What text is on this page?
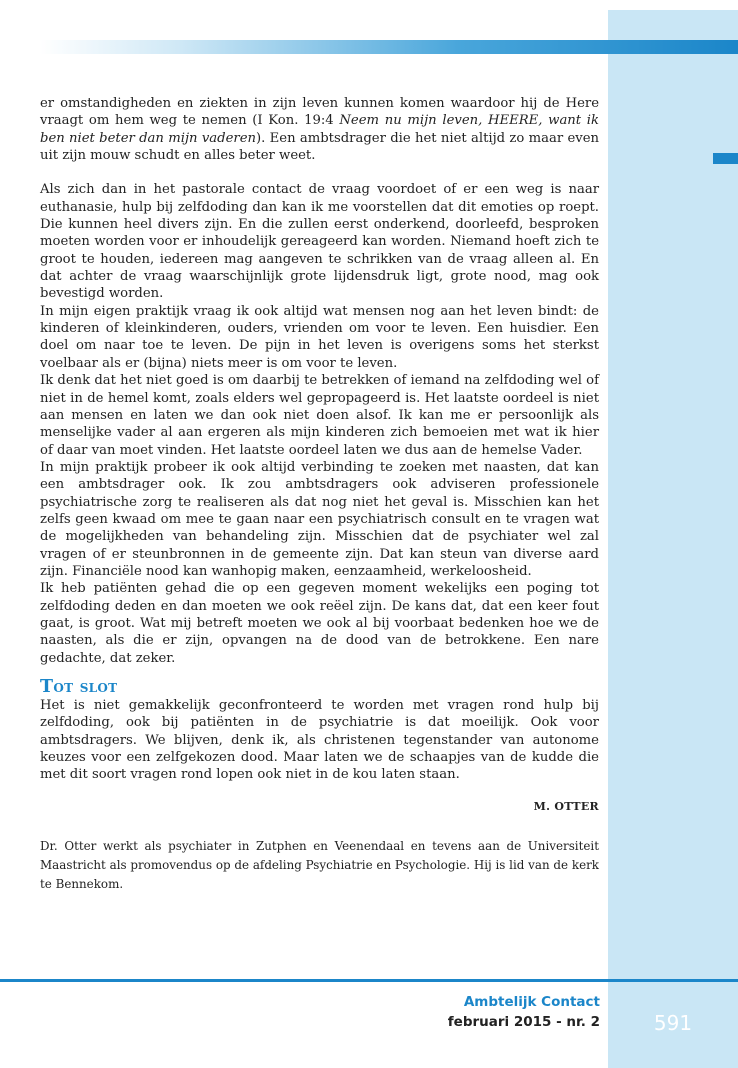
er omstandigheden en ziekten in zijn leven kunnen komen waardoor hij de Here vraagt om hem weg te nemen (I Kon. 19:4 Neem nu mijn leven, HEERE, want ik ben niet beter dan mijn vaderen). Een ambtsdrager die het niet altijd zo maar even uit zijn mouw schudt en alles beter weet.

Als zich dan in het pastorale contact de vraag voordoet of er een weg is naar euthanasie, hulp bij zelfdoding dan kan ik me voorstellen dat dit emoties op roept. Die kunnen heel divers zijn. En die zullen eerst onderkend, doorleefd, besproken moeten worden voor er inhoudelijk gereageerd kan worden. Niemand hoeft zich te groot te houden, iedereen mag aangeven te schrikken van de vraag alleen al. En dat achter de vraag waarschijnlijk grote lijdensdruk ligt, grote nood, mag ook bevestigd worden.

In mijn eigen praktijk vraag ik ook altijd wat mensen nog aan het leven bindt: de kinderen of kleinkinderen, ouders, vrienden om voor te leven. Een huisdier. Een doel om naar toe te leven. De pijn in het leven is overigens soms het sterkst voelbaar als er (bijna) niets meer is om voor te leven.

Ik denk dat het niet goed is om daarbij te betrekken of iemand na zelfdoding wel of niet in de hemel komt, zoals elders wel gepropageerd is. Het laatste oordeel is niet aan mensen en laten we dan ook niet doen alsof. Ik kan me er persoonlijk als menselijke vader al aan ergeren als mijn kinderen zich bemoeien met wat ik hier of daar van moet vinden. Het laatste oordeel laten we dus aan de hemelse Vader.

In mijn praktijk probeer ik ook altijd verbinding te zoeken met naasten, dat kan een ambtsdrager ook. Ik zou ambtsdragers ook adviseren professionele psychiatrische zorg te realiseren als dat nog niet het geval is. Misschien kan het zelfs geen kwaad om mee te gaan naar een psychiatrisch consult en te vragen wat de mogelijkheden van behandeling zijn. Misschien dat de psychiater wel zal vragen of er steunbronnen in de gemeente zijn. Dat kan steun van diverse aard zijn. Financiële nood kan wanhopig maken, eenzaamheid, werkeloosheid.

Ik heb patiënten gehad die op een gegeven moment wekelijks een poging tot zelfdoding deden en dan moeten we ook reëel zijn. De kans dat, dat een keer fout gaat, is groot. Wat mij betreft moeten we ook al bij voorbaat bedenken hoe we de naasten, als die er zijn, opvangen na de dood van de betrokkene. Een nare gedachte, dat zeker.

Tot slot

Het is niet gemakkelijk geconfronteerd te worden met vragen rond hulp bij zelfdoding, ook bij patiënten in de psychiatrie is dat moeilijk. Ook voor ambtsdragers. We blijven, denk ik, als christenen tegenstander van autonome keuzes voor een zelfgekozen dood. Maar laten we de schaapjes van de kudde die met dit soort vragen rond lopen ook niet in de kou laten staan.

M. OTTER
Dr. Otter werkt als psychiater in Zutphen en Veenendaal en tevens aan de Universiteit Maastricht als promovendus op de afdeling Psychiatrie en Psychologie. Hij is lid van de kerk te Bennekom.
Ambtelijk Contact
februari 2015 - nr. 2	591
